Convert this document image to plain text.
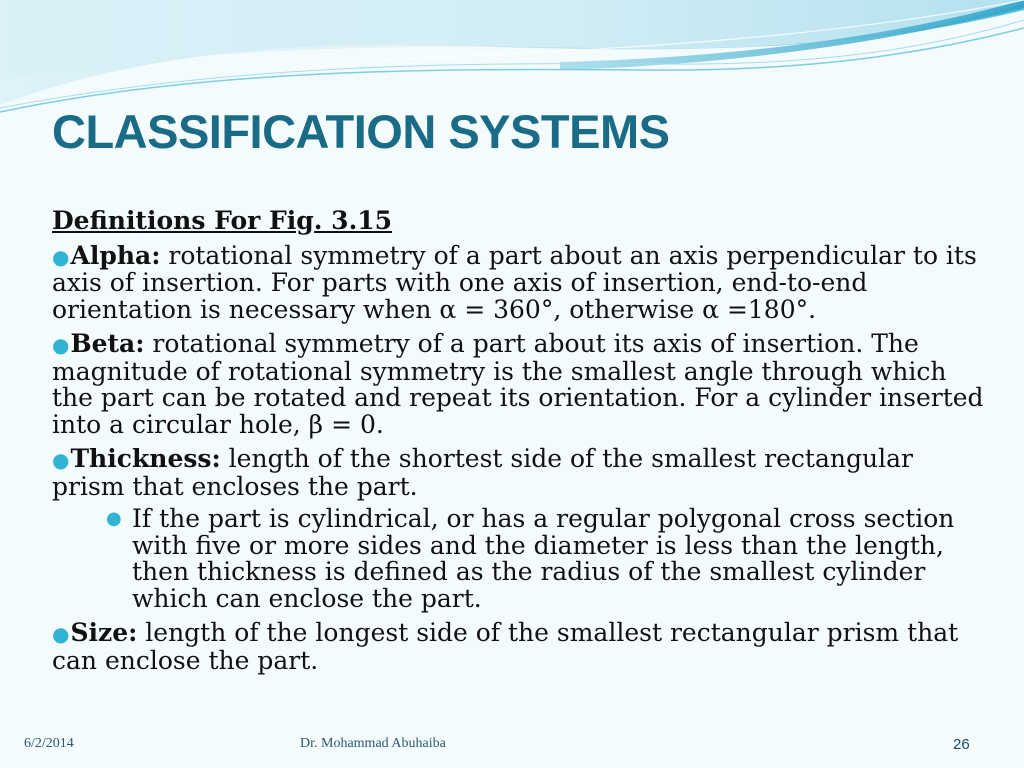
CLASSIFICATION SYSTEMS
Definitions For Fig. 3.15
●Alpha: rotational symmetry of a part about an axis perpendicular to its axis of insertion. For parts with one axis of insertion, end-to-end orientation is necessary when α = 360°, otherwise α =180°.
●Beta: rotational symmetry of a part about its axis of insertion. The magnitude of rotational symmetry is the smallest angle through which the part can be rotated and repeat its orientation. For a cylinder inserted into a circular hole, β = 0.
●Thickness: length of the shortest side of the smallest rectangular prism that encloses the part.
● If the part is cylindrical, or has a regular polygonal cross section with five or more sides and the diameter is less than the length, then thickness is defined as the radius of the smallest cylinder which can enclose the part.
●Size: length of the longest side of the smallest rectangular prism that can enclose the part.
6/2/2014	Dr. Mohammad Abuhaiba	26
